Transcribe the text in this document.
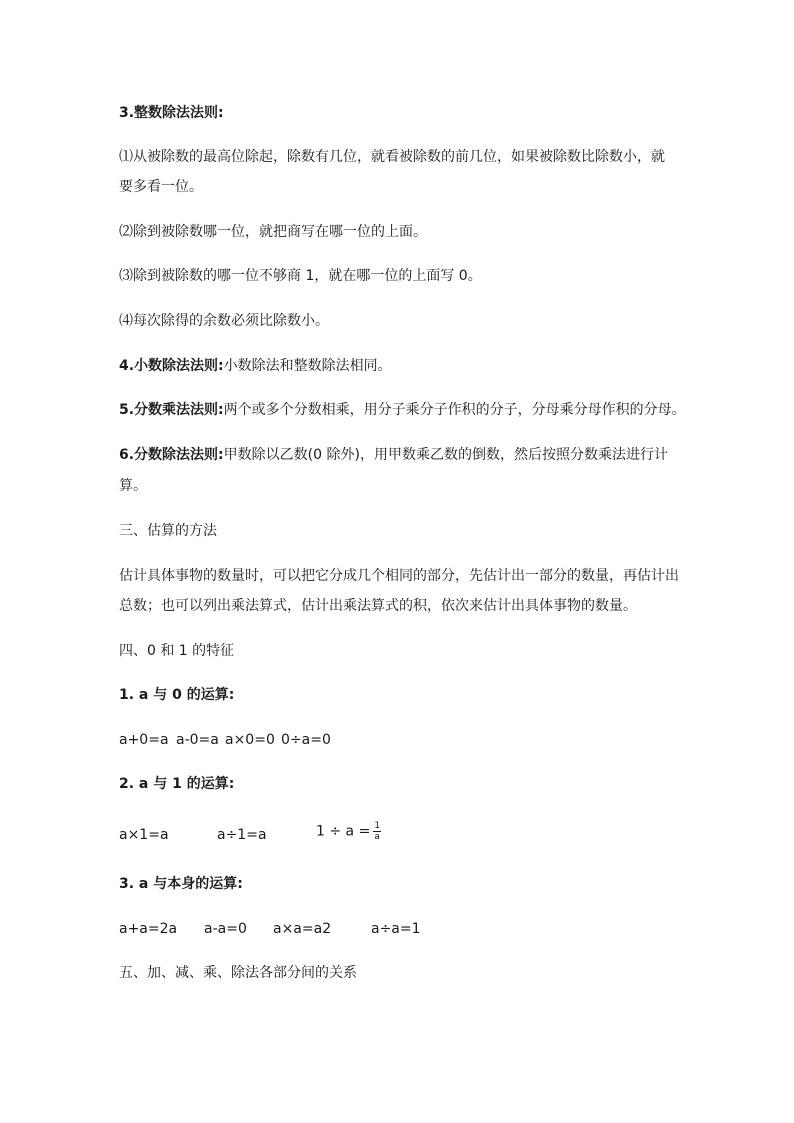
3.整数除法法则:
⑴从被除数的最高位除起，除数有几位，就看被除数的前几位，如果被除数比除数小，就
要多看一位。
⑵除到被除数哪一位，就把商写在哪一位的上面。
⑶除到被除数的哪一位不够商 1，就在哪一位的上面写 0。
⑷每次除得的余数必须比除数小。
4.小数除法法则:小数除法和整数除法相同。
5.分数乘法法则:两个或多个分数相乘，用分子乘分子作积的分子，分母乘分母作积的分母。
6.分数除法法则:甲数除以乙数(0 除外)，用甲数乘乙数的倒数，然后按照分数乘法进行计
算。
三、估算的方法
估计具体事物的数量时，可以把它分成几个相同的部分，先估计出一部分的数量，再估计出
总数；也可以列出乘法算式，估计出乘法算式的积，依次来估计出具体事物的数量。
四、0 和 1 的特征
1. a 与 0 的运算:
a+0=a a-0=a a×0=0 0÷a=0
2. a 与 1 的运算:
a×1=a	a÷1=a	$1 \div a = \frac{1}{a}$
3. a 与本身的运算:
a+a=2a a-a=0 a×a=a2	a÷a=1
五、加、减、乘、除法各部分间的关系
